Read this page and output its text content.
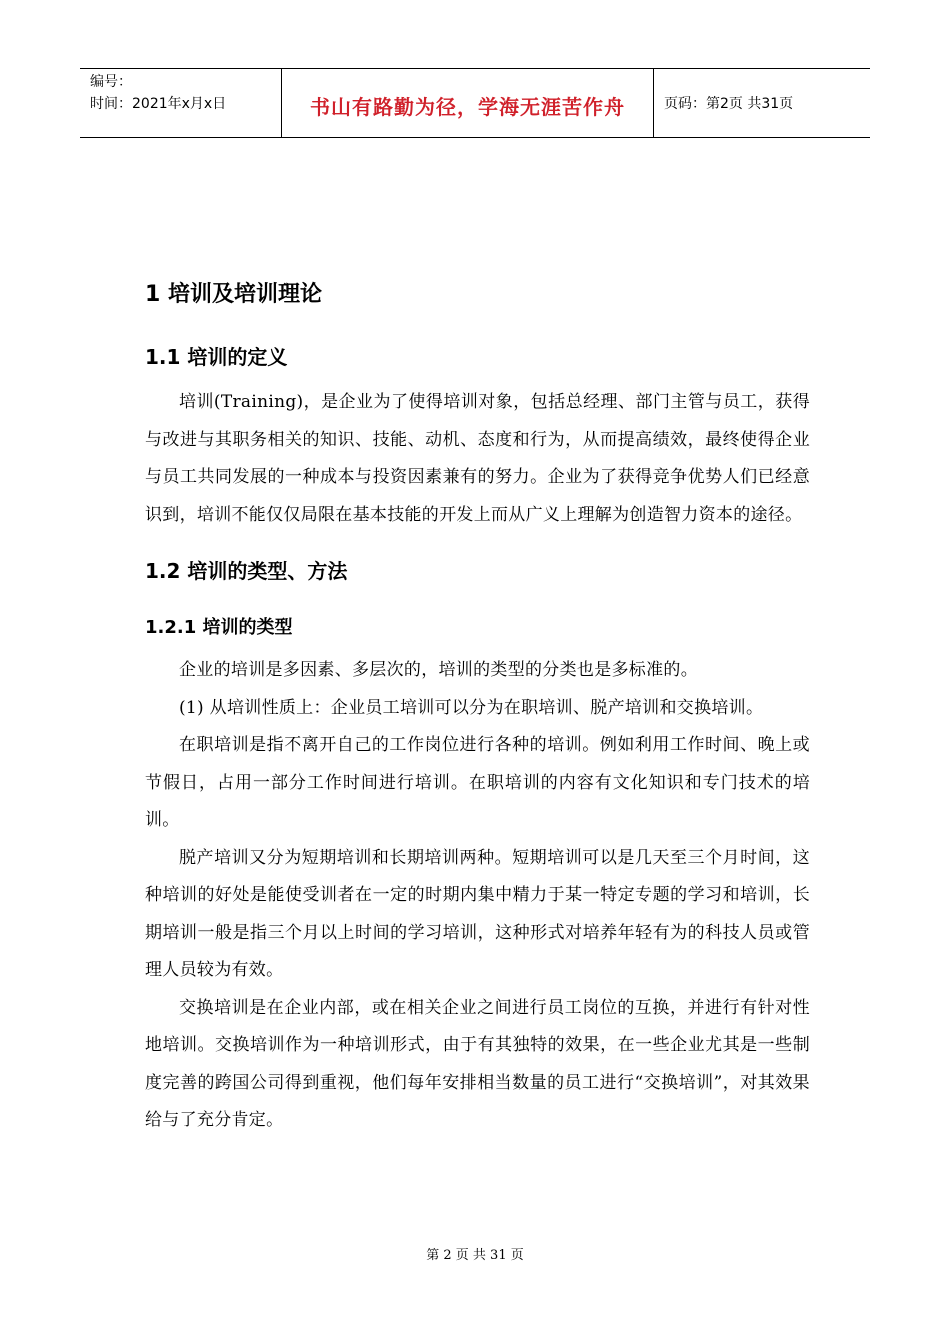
编号：
时间：2021年x月x日	书山有路勤为径，学海无涯苦作舟	页码：第2页 共31页
1 培训及培训理论
1.1 培训的定义

培训(Training)，是企业为了使得培训对象，包括总经理、部门主管与员工，获得与改进与其职务相关的知识、技能、动机、态度和行为，从而提高绩效，最终使得企业与员工共同发展的一种成本与投资因素兼有的努力。企业为了获得竞争优势人们已经意识到，培训不能仅仅局限在基本技能的开发上而从广义上理解为创造智力资本的途径。

1.2 培训的类型、方法
1.2.1 培训的类型

企业的培训是多因素、多层次的，培训的类型的分类也是多标准的。

(1) 从培训性质上：企业员工培训可以分为在职培训、脱产培训和交换培训。

在职培训是指不离开自己的工作岗位进行各种的培训。例如利用工作时间、晚上或节假日，占用一部分工作时间进行培训。在职培训的内容有文化知识和专门技术的培训。

脱产培训又分为短期培训和长期培训两种。短期培训可以是几天至三个月时间，这种培训的好处是能使受训者在一定的时期内集中精力于某一特定专题的学习和培训，长期培训一般是指三个月以上时间的学习培训，这种形式对培养年轻有为的科技人员或管理人员较为有效。

交换培训是在企业内部，或在相关企业之间进行员工岗位的互换，并进行有针对性地培训。交换培训作为一种培训形式，由于有其独特的效果，在一些企业尤其是一些制度完善的跨国公司得到重视，他们每年安排相当数量的员工进行“交换培训”，对其效果给与了充分肯定。

第 2 页 共 31 页
